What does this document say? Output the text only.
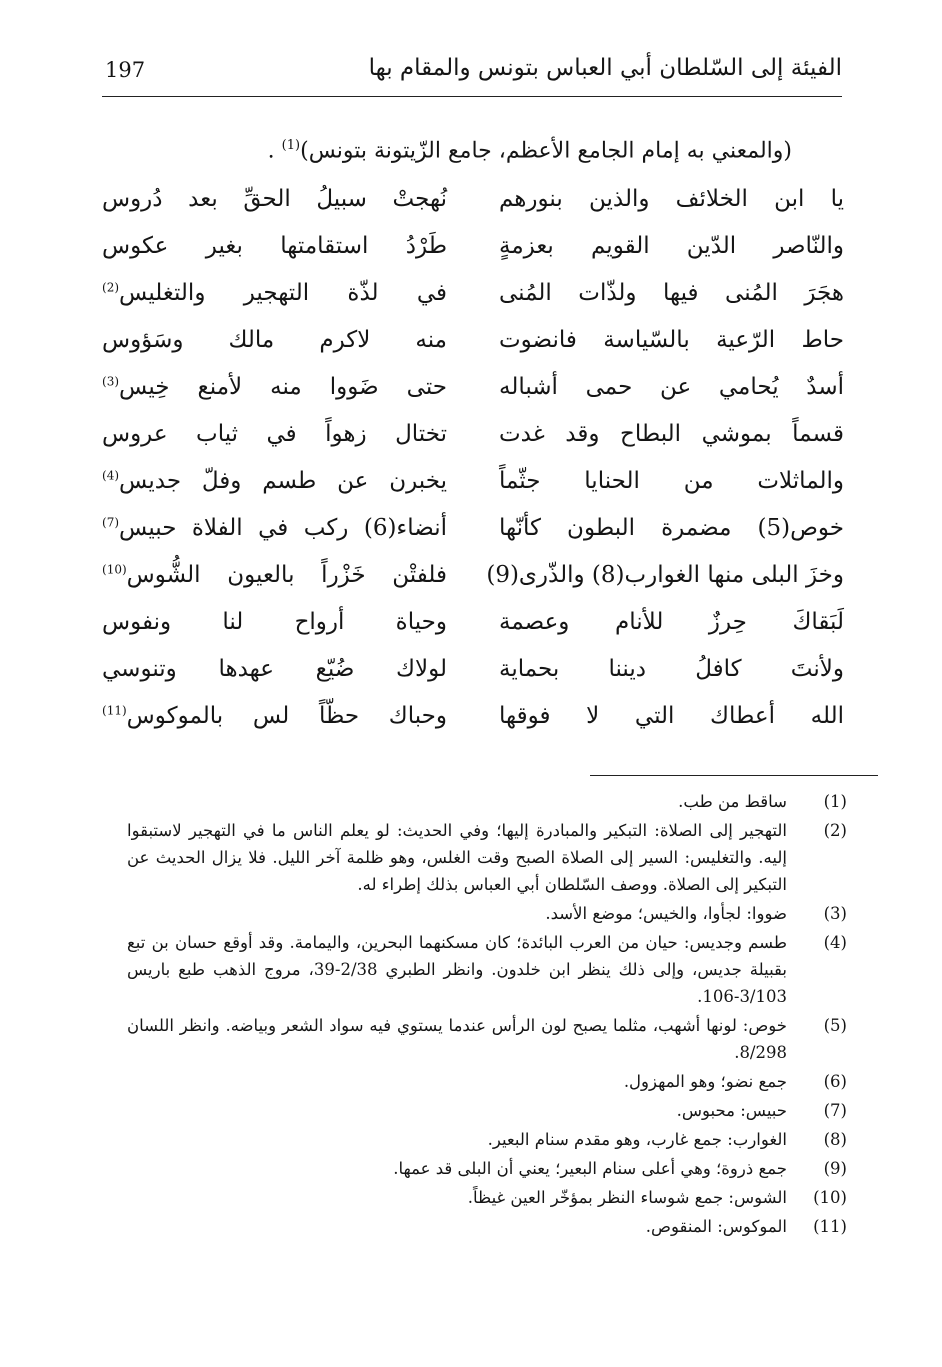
الفيئة إلى السّلطان أبي العباس بتونس والمقام بها
197
(والمعني به إمام الجامع الأعظم، جامع الزّيتونة بتونس)$^{(1)}$ .
يا ابن الخلائف والذين بنورهم
نُهجتْ سبيلُ الحقِّ بعد دُروس
والنّاصر الدّين القويم بعزمةٍ
طَرْدُ استقامتها بغير عكوس
هجَرَ المُنى فيها ولذّات المُنى
في لذّة التهجير والتغليس$^{(2)}$
حاط الرّعية بالسّياسة فانضوت
منه لاكرم مالك وسَؤوس
أسدٌ يُحامي عن حمى أشباله
حتى ضَووا منه لأمنع خِيس$^{(3)}$
قسماً بموشي البطاح وقد غدت
تختال زهواً في ثياب عروس
والماثلات من الحنايا جثّماً
يخبرن عن طسم وفلّ جديس$^{(4)}$
خوص(5) مضمرة البطون كأنّها
أنضاء(6) ركب في الفلاة حبيس$^{(7)}$
وخزَ البلى منها الغوارب(8) والذّرى(9)
فلفتْن خَزْراً بالعيون الشُّوس$^{(10)}$
لَبَقاكَ حِرزٌ للأنام وعصمة
وحياة أرواح لنا ونفوس
ولأنتَ كافلُ ديننا بحماية
لولاك ضُيّع عهدها وتنوسي
الله أعطاك التي لا فوقها
وحباك حظّاً لس بالموكوس$^{(11)}$
(1)
ساقط من طب.
(2)
التهجير إلى الصلاة: التبكير والمبادرة إليها؛ وفي الحديث: لو يعلم الناس ما في التهجير لاستبقوا إليه. والتغليس: السير إلى الصلاة الصبح وقت الغلس، وهو ظلمة آخر الليل. فلا يزال الحديث عن التبكير إلى الصلاة. ووصف السّلطان أبي العباس بذلك إطراء له.
(3)
ضووا: لجأوا، والخيس؛ موضع الأسد.
(4)
طسم وجديس: حيان من العرب البائدة؛ كان مسكنهما البحرين، واليمامة. وقد أوقع حسان بن تبع بقبيلة جديس، وإلى ذلك ينظر ابن خلدون. وانظر الطبري 2/38-39، مروج الذهب طبع باريس 3/103-106.
(5)
خوص: لونها أشهب، مثلما يصبح لون الرأس عندما يستوي فيه سواد الشعر وبياضه. وانظر اللسان 8/298.
(6)
جمع نضو؛ وهو المهزول.
(7)
حبيس: محبوس.
(8)
الغوارب: جمع غارب، وهو مقدم سنام البعير.
(9)
جمع ذروة؛ وهي أعلى سنام البعير؛ يعني أن البلى قد عمها.
(10)
الشوس: جمع شوساء النظر بمؤخّر العين غيظاً.
(11)
الموكوس: المنقوص.
